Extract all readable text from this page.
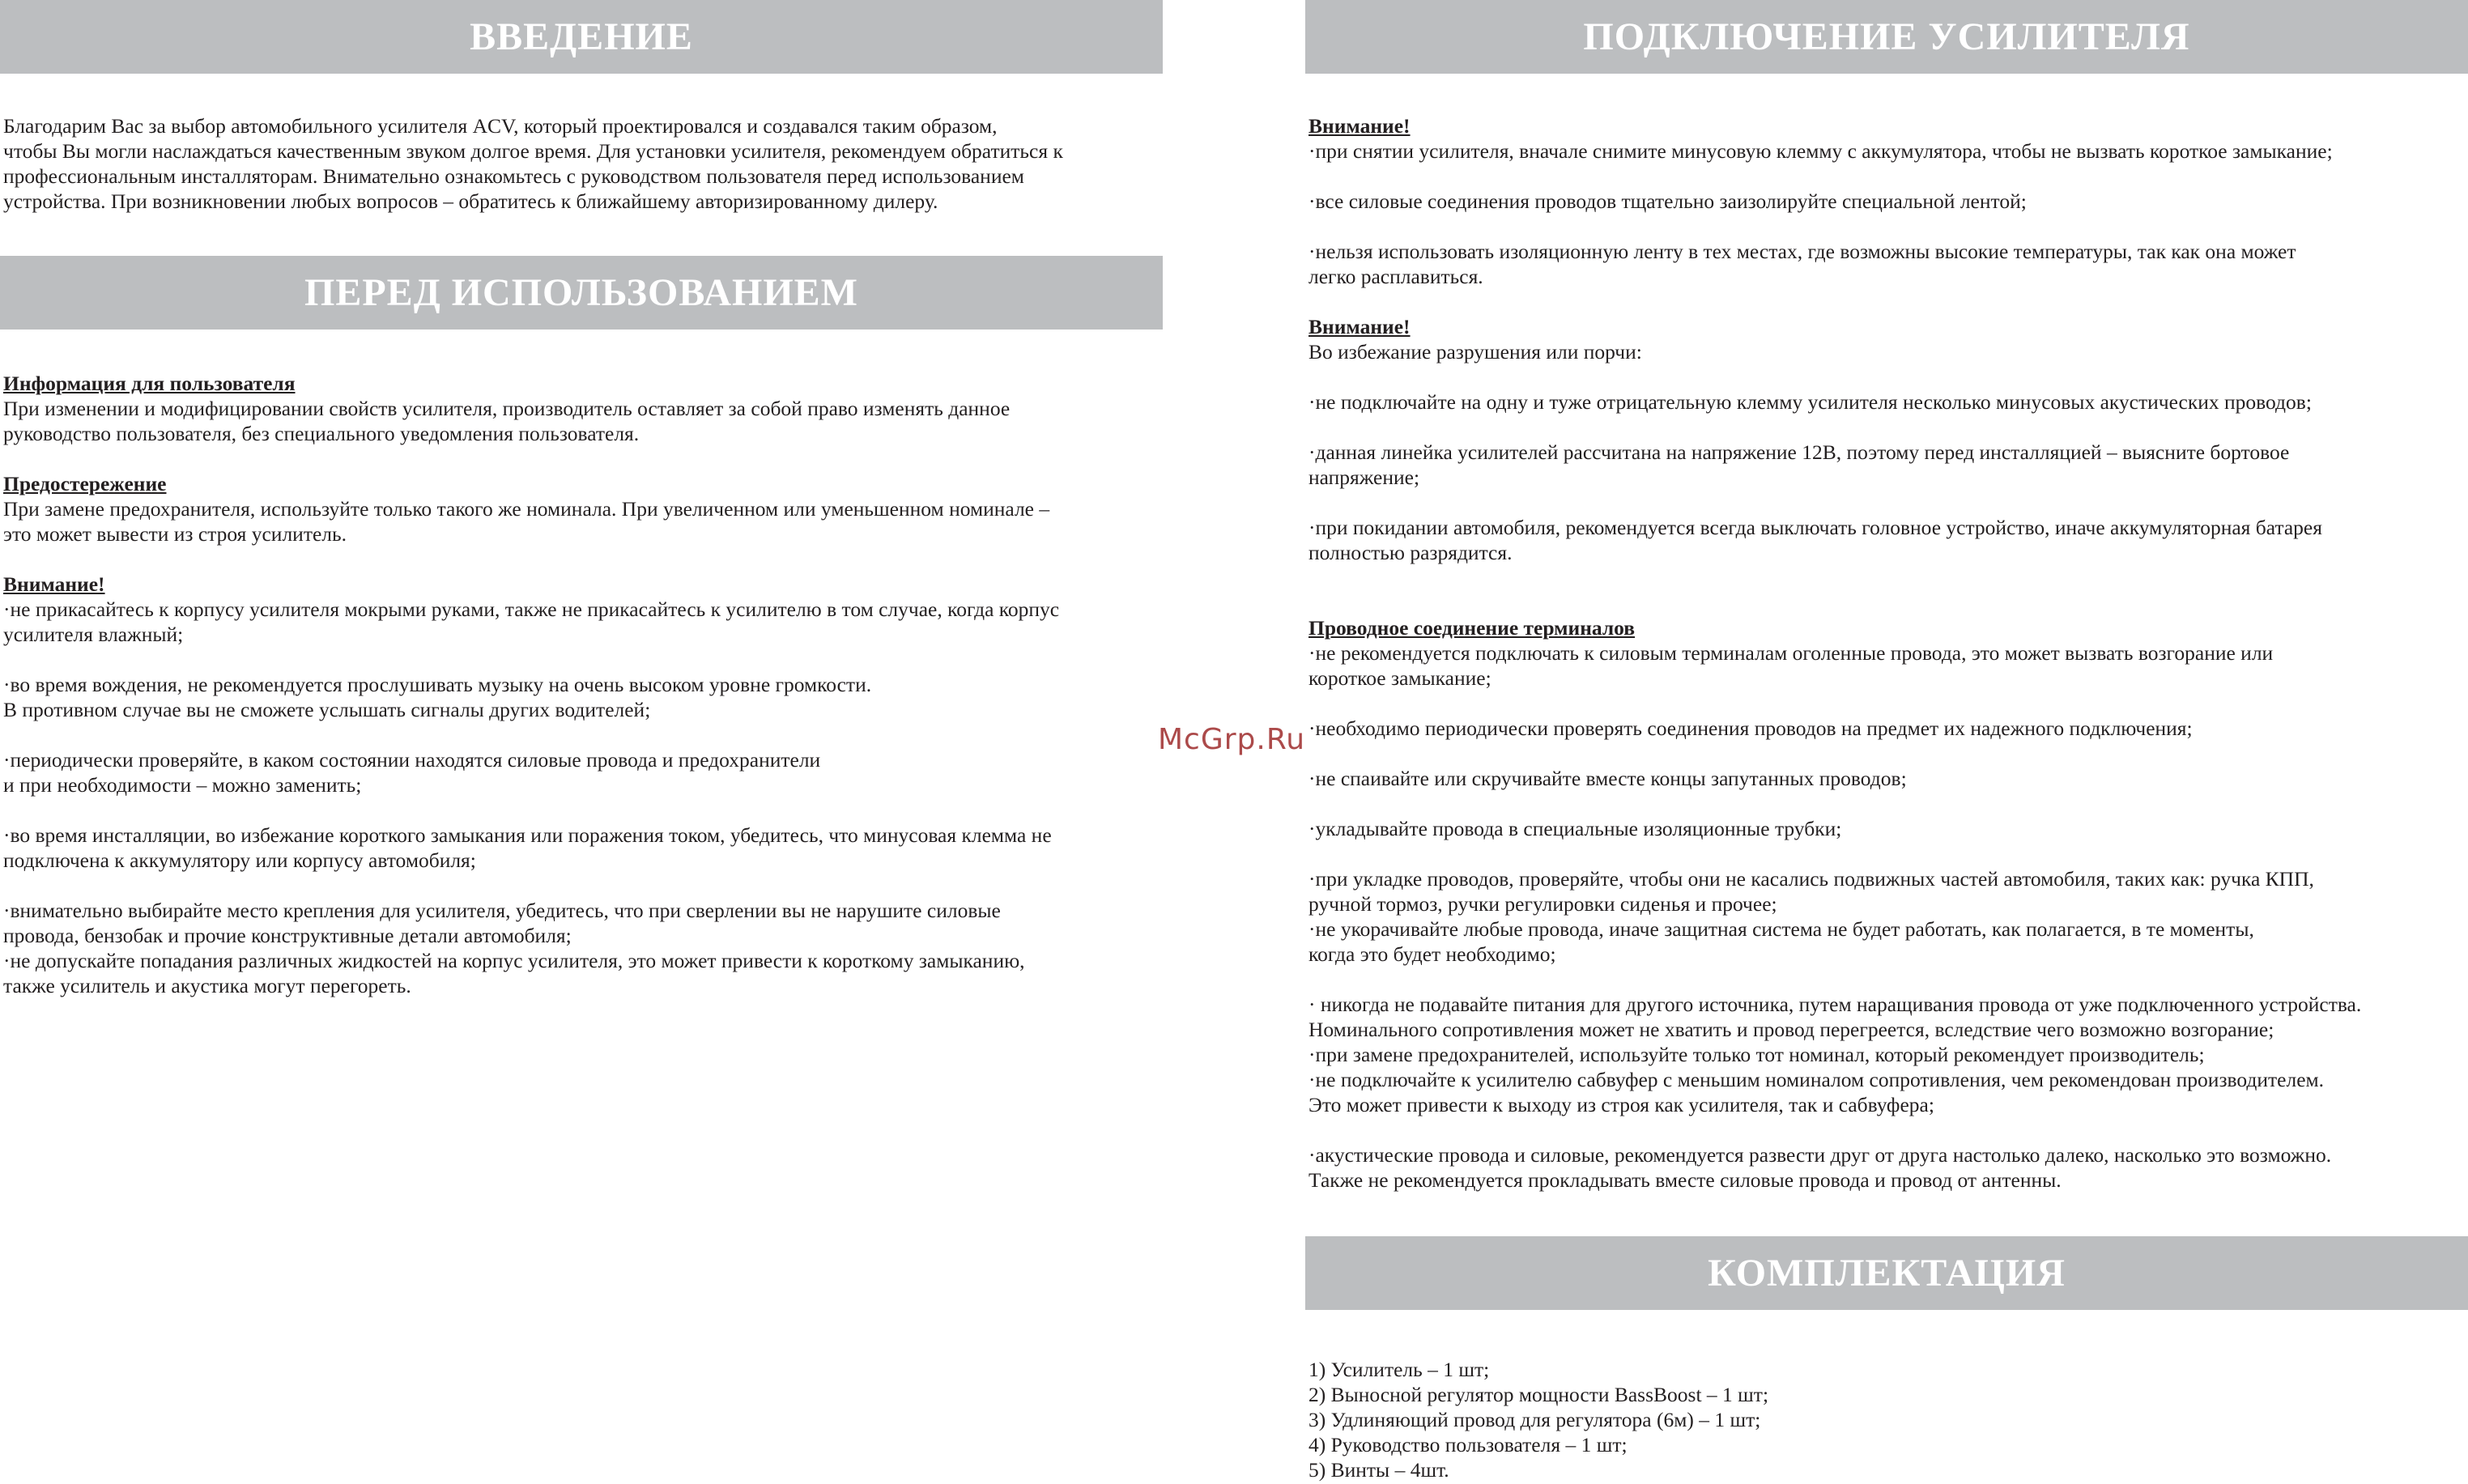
ВВЕДЕНИЕ

Благодарим Вас за выбор автомобильного усилителя ACV, который проектировался и создавался таким образом,
чтобы Вы могли наслаждаться качественным звуком долгое время. Для установки усилителя, рекомендуем обратиться к
профессиональным инсталляторам. Внимательно ознакомьтесь с руководством пользователя перед использованием
устройства. При возникновении любых вопросов – обратитесь к ближайшему авторизированному дилеру.

ПЕРЕД ИСПОЛЬЗОВАНИЕМ

Информация для пользователя

При изменении и модифицировании свойств усилителя, производитель оставляет за собой право изменять данное
руководство пользователя, без специального уведомления пользователя.

Предостережение

При замене предохранителя, используйте только такого же номинала. При увеличенном или уменьшенном номинале –
это может вывести из строя усилитель.

Внимание!

·не прикасайтесь к корпусу усилителя мокрыми руками, также не прикасайтесь к усилителю в том случае, когда корпус
усилителя влажный;

·во время вождения, не рекомендуется прослушивать музыку на очень высоком уровне громкости.
В противном случае вы не сможете услышать сигналы других водителей;

·периодически проверяйте, в каком состоянии находятся силовые провода и предохранители
и при необходимости – можно заменить;

·во время инсталляции, во избежание короткого замыкания или поражения током, убедитесь, что минусовая клемма не
подключена к аккумулятору или корпусу автомобиля;

·внимательно выбирайте место крепления для усилителя, убедитесь, что при сверлении вы не нарушите силовые
провода, бензобак и прочие конструктивные детали автомобиля;
·не допускайте попадания различных жидкостей на корпус усилителя, это может привести к короткому замыканию,
также усилитель и акустика могут перегореть.

ПОДКЛЮЧЕНИЕ УСИЛИТЕЛЯ

Внимание!

·при снятии усилителя, вначале снимите минусовую клемму с аккумулятора, чтобы не вызвать короткое замыкание;

·все силовые соединения проводов тщательно заизолируйте специальной лентой;

·нельзя использовать изоляционную ленту в тех местах, где возможны высокие температуры, так как она может
легко расплавиться.

Внимание!

Во избежание разрушения или порчи:

·не подключайте на одну и туже отрицательную клемму усилителя несколько минусовых акустических проводов;

·данная линейка усилителей рассчитана на напряжение 12В, поэтому перед инсталляцией – выясните бортовое
напряжение;

·при покидании автомобиля, рекомендуется всегда выключать головное устройство, иначе аккумуляторная батарея
полностью разрядится.

Проводное соединение терминалов

·не рекомендуется подключать к силовым терминалам оголенные провода, это может вызвать возгорание или
короткое замыкание;

·необходимо периодически проверять соединения проводов на предмет их надежного подключения;

·не спаивайте или скручивайте вместе концы запутанных проводов;

·укладывайте провода в специальные изоляционные трубки;

·при укладке проводов, проверяйте, чтобы они не касались подвижных частей автомобиля, таких как: ручка КПП,
ручной тормоз, ручки регулировки сиденья и прочее;
·не укорачивайте любые провода, иначе защитная система не будет работать, как полагается, в те моменты,
когда это будет необходимо;

· никогда не подавайте питания для другого источника, путем наращивания провода от уже подключенного устройства.
Номинального сопротивления может не хватить и провод перегреется, вследствие чего возможно возгорание;
·при замене предохранителей, используйте только тот номинал, который рекомендует производитель;
·не подключайте к усилителю сабвуфер с меньшим номиналом сопротивления, чем рекомендован производителем.
Это может привести к выходу из строя как усилителя, так и сабвуфера;

·акустические провода и силовые, рекомендуется развести друг от друга настолько далеко, насколько это возможно.
Также не рекомендуется прокладывать вместе силовые провода и провод от антенны.

КОМПЛЕКТАЦИЯ

1) Усилитель – 1 шт;

2) Выносной регулятор мощности BassBoost – 1 шт;

3) Удлиняющий провод для регулятора (6м) – 1 шт;

4) Руководство пользователя – 1 шт;

5) Винты – 4шт.

McGrp.Ru
